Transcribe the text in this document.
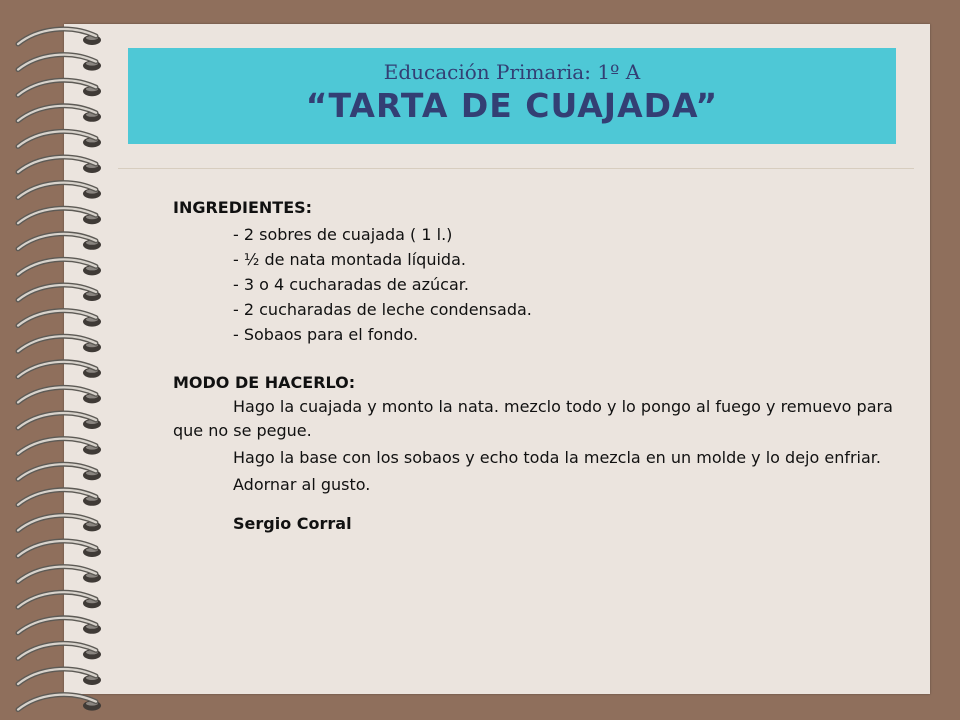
Educación Primaria: 1º A
“TARTA DE CUAJADA”
INGREDIENTES:
- 2 sobres de cuajada ( 1 l.)
- ½ de nata montada líquida.
- 3 o 4 cucharadas de azúcar.
- 2 cucharadas de leche condensada.
- Sobaos para el fondo.
MODO DE HACERLO:

Hago la cuajada y monto la nata. mezclo todo y lo pongo al fuego y remuevo para que no se pegue.

Hago la base con los sobaos y echo toda la mezcla en un molde y lo dejo enfriar.

Adornar al gusto.

Sergio Corral
